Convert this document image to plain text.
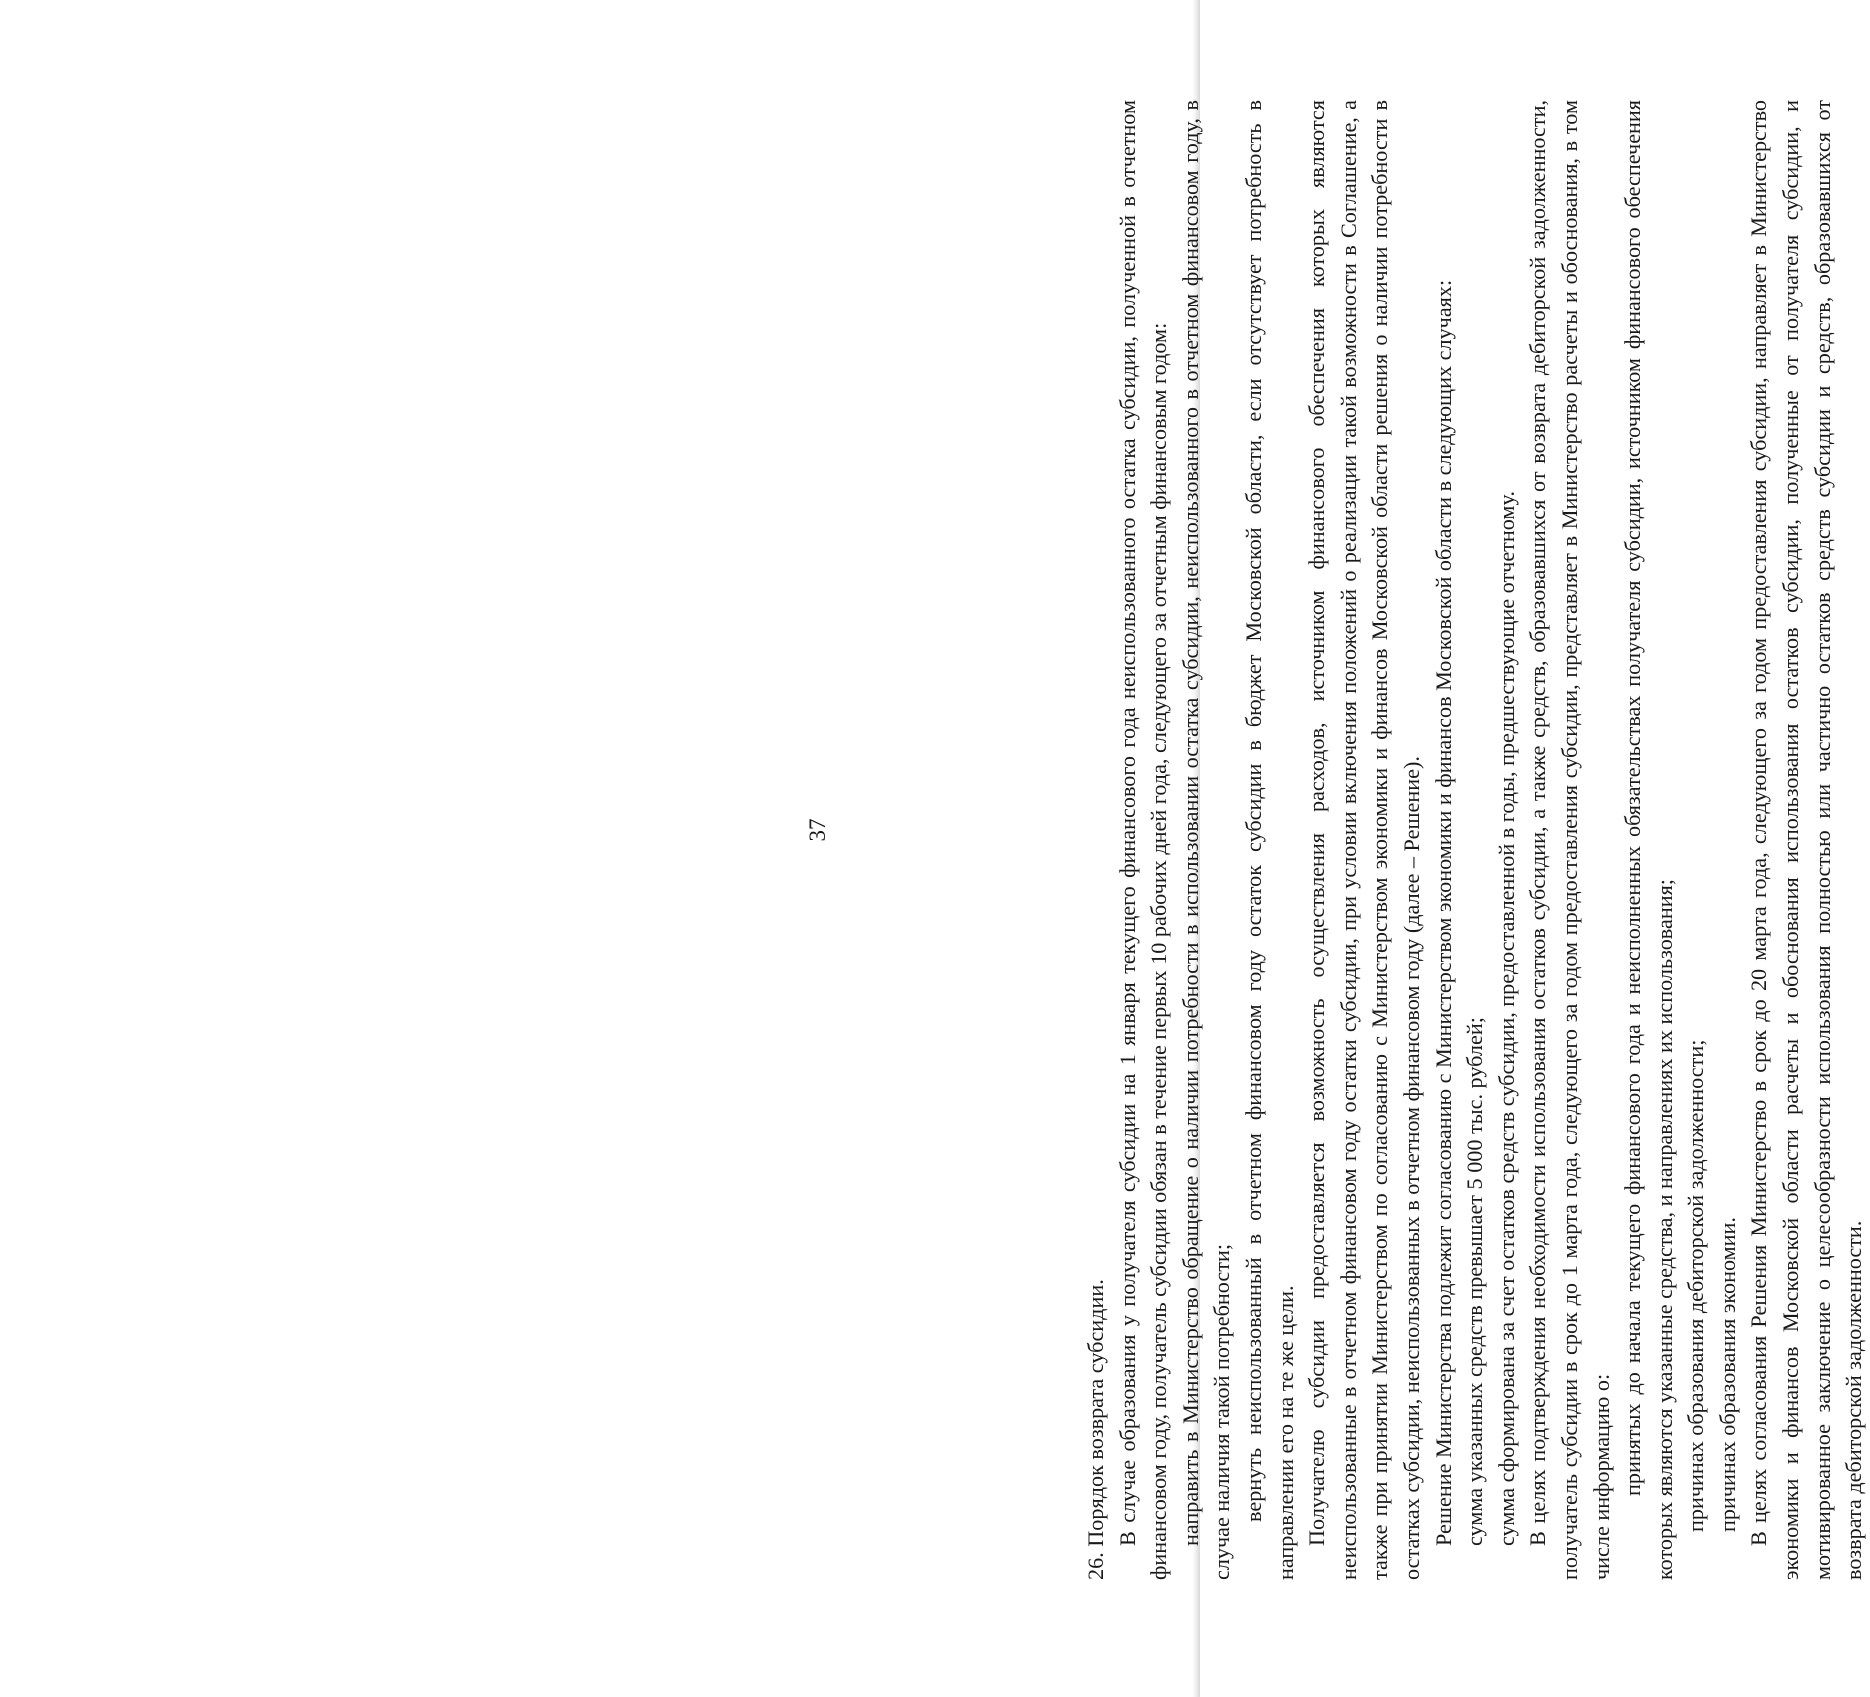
37

26. Порядок возврата субсидии. В случае образования у получателя субсидии на 1 января текущего финансового года неиспользованного остатка субсидии, полученной в отчетном финансовом году, получатель субсидии обязан в течение первых 10 рабочих дней года, следующего за отчетным финансовым годом: направить в Министерство обращение о наличии потребности в использовании остатка субсидии, неиспользованного в отчетном финансовом году, в случае наличия такой потребности; вернуть неиспользованный в отчетном финансовом году остаток субсидии в бюджет Московской области, если отсутствует потребность в направлении его на те же цели. Получателю субсидии предоставляется возможность осуществления расходов, источником финансового обеспечения которых являются неиспользованные в отчетном финансовом году остатки субсидии, при условии включения положений о реализации такой возможности в Соглашение, а также при принятии Министерством по согласованию с Министерством экономики и финансов Московской области решения о наличии потребности в остатках субсидии, неиспользованных в отчетном финансовом году (далее – Решение). Решение Министерства подлежит согласованию с Министерством экономики и финансов Московской области в следующих случаях: сумма указанных средств превышает 5 000 тыс. рублей; сумма сформирована за счет остатков средств субсидии, предоставленной в годы, предшествующие отчетному. В целях подтверждения необходимости использования остатков субсидии, а также средств, образовавшихся от возврата дебиторской задолженности, получатель субсидии в срок до 1 марта года, следующего за годом предоставления субсидии, представляет в Министерство расчеты и обоснования, в том числе информацию о: принятых до начала текущего финансового года и неисполненных обязательствах получателя субсидии, источником финансового обеспечения которых являются указанные средства, и направлениях их использования; причинах образования дебиторской задолженности; причинах образования экономии. В целях согласования Решения Министерство в срок до 20 марта года, следующего за годом предоставления субсидии, направляет в Министерство экономики и финансов Московской области расчеты и обоснования использования остатков субсидии, полученные от получателя субсидии, и мотивированное заключение о целесообразности использования полностью или частично остатков средств субсидии и средств, образовавшихся от возврата дебиторской задолженности.
